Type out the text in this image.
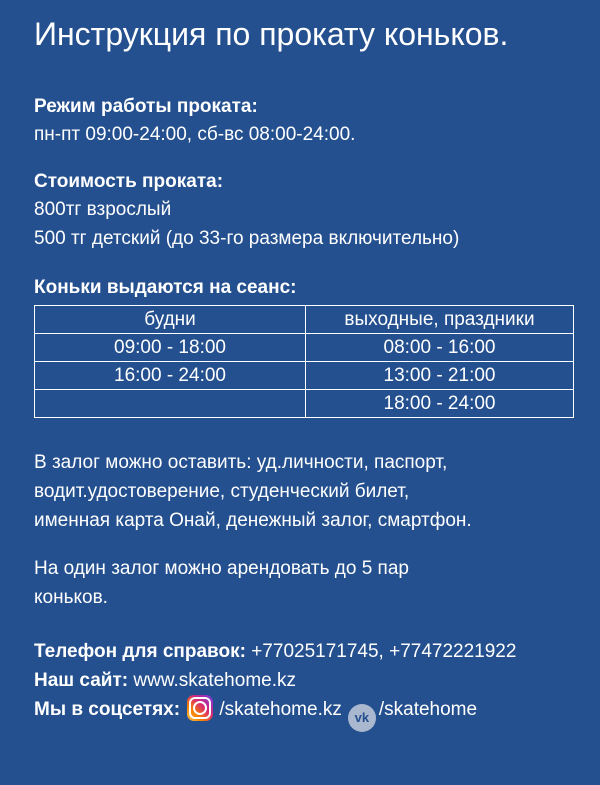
Инструкция по прокату коньков.
Режим работы проката:
пн-пт 09:00-24:00, сб-вс 08:00-24:00.
Стоимость проката:
800тг взрослый
500 тг детский (до 33-го размера включительно)
Коньки выдаются на сеанс:
будни	выходные, праздники
09:00 - 18:00	08:00 - 16:00
16:00 - 24:00	13:00 - 21:00
	18:00 - 24:00
В залог можно оставить: уд.личности, паспорт,
водит.удостоверение, студенческий билет,
именная карта Онай, денежный залог, смартфон.
На один залог можно арендовать до 5 пар
коньков.
Телефон для справок: +77025171745, +77472221922
Наш сайт: www.skatehome.kz
Мы в соцсетях: /skatehome.kz vk /skatehome
